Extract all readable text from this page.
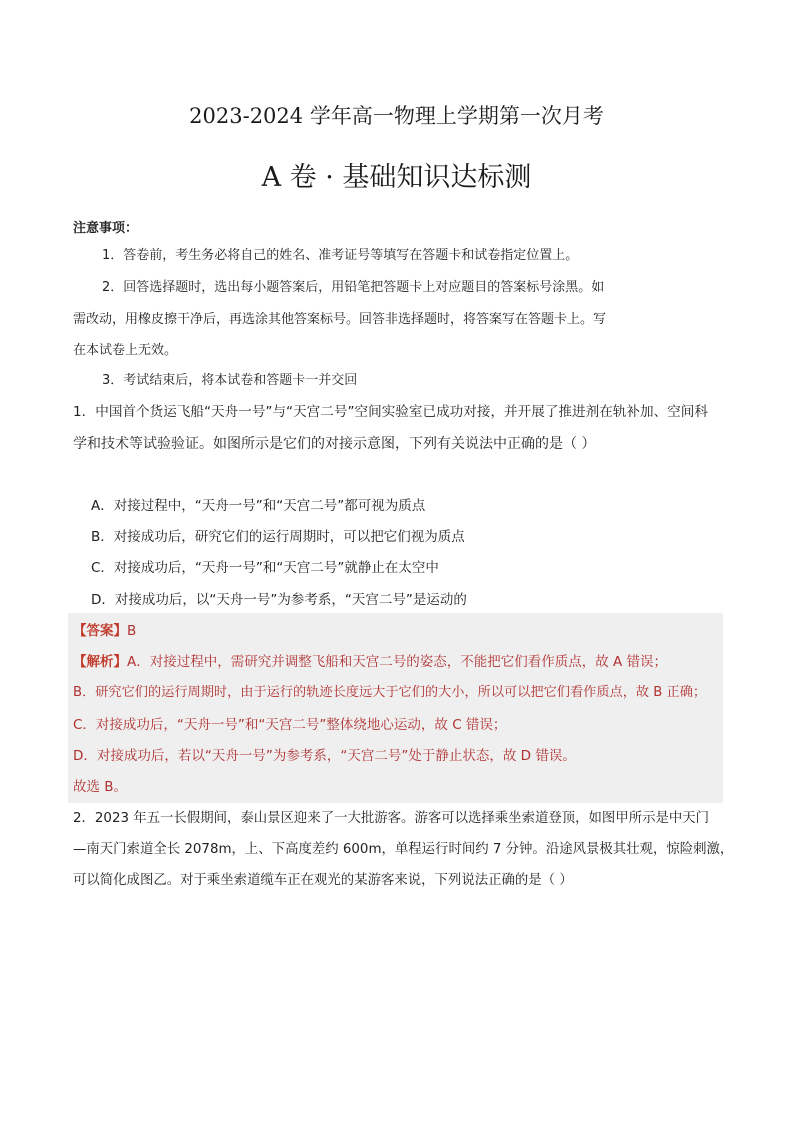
2023-2024 学年高一物理上学期第一次月考
A 卷 · 基础知识达标测

注意事项：

1．答卷前，考生务必将自己的姓名、准考证号等填写在答题卡和试卷指定位置上。

2．回答选择题时，选出每小题答案后，用铅笔把答题卡上对应题目的答案标号涂黑。如

需改动，用橡皮擦干净后，再选涂其他答案标号。回答非选择题时，将答案写在答题卡上。写

在本试卷上无效。

3．考试结束后，将本试卷和答题卡一并交回

1．中国首个货运飞船“天舟一号”与“天宫二号”空间实验室已成功对接，并开展了推进剂在轨补加、空间科

学和技术等试验验证。如图所示是它们的对接示意图，下列有关说法中正确的是（ ）

A．对接过程中，“天舟一号”和“天宫二号”都可视为质点

B．对接成功后，研究它们的运行周期时，可以把它们视为质点

C．对接成功后，“天舟一号”和“天宫二号”就静止在太空中

D．对接成功后，以“天舟一号”为参考系，“天宫二号”是运动的

【答案】B

【解析】A．对接过程中，需研究并调整飞船和天宫二号的姿态，不能把它们看作质点，故 A 错误；

B．研究它们的运行周期时，由于运行的轨迹长度远大于它们的大小，所以可以把它们看作质点，故 B 正确；

C．对接成功后，“天舟一号”和“天宫二号”整体绕地心运动，故 C 错误；

D．对接成功后，若以“天舟一号”为参考系，“天宫二号”处于静止状态，故 D 错误。

故选 B。

2．2023 年五一长假期间，泰山景区迎来了一大批游客。游客可以选择乘坐索道登顶，如图甲所示是中天门

—南天门索道全长 2078m，上、下高度差约 600m，单程运行时间约 7 分钟。沿途风景极其壮观，惊险刺激，

可以简化成图乙。对于乘坐索道缆车正在观光的某游客来说，下列说法正确的是（ ）
